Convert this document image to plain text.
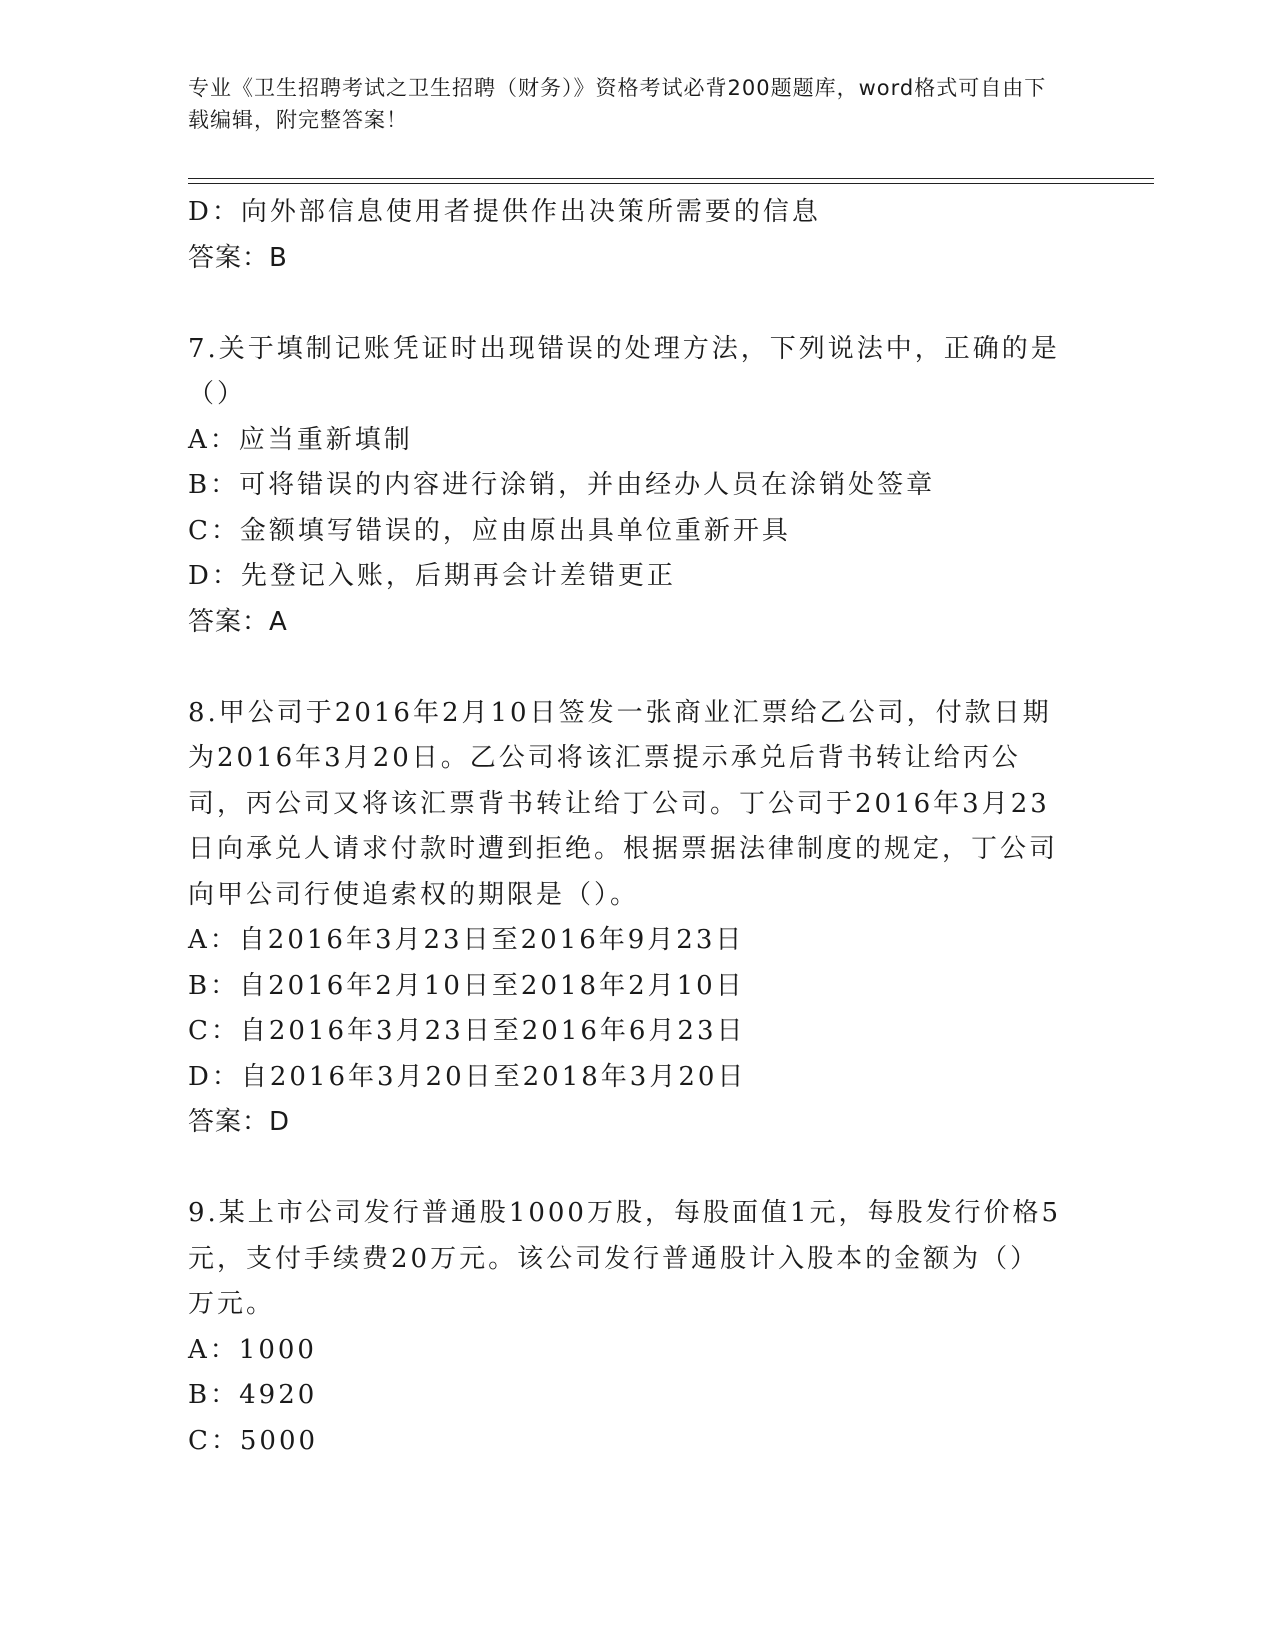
专业《卫生招聘考试之卫生招聘（财务）》资格考试必背200题题库，word格式可自由下载编辑，附完整答案！
D：向外部信息使用者提供作出决策所需要的信息
答案：B
7.关于填制记账凭证时出现错误的处理方法，下列说法中，正确的是（）
A：应当重新填制
B：可将错误的内容进行涂销，并由经办人员在涂销处签章
C：金额填写错误的，应由原出具单位重新开具
D：先登记入账，后期再会计差错更正
答案：A
8.甲公司于2016年2月10日签发一张商业汇票给乙公司，付款日期为2016年3月20日。乙公司将该汇票提示承兑后背书转让给丙公司，丙公司又将该汇票背书转让给丁公司。丁公司于2016年3月23日向承兑人请求付款时遭到拒绝。根据票据法律制度的规定，丁公司向甲公司行使追索权的期限是（）。
A：自2016年3月23日至2016年9月23日
B：自2016年2月10日至2018年2月10日
C：自2016年3月23日至2016年6月23日
D：自2016年3月20日至2018年3月20日
答案：D
9.某上市公司发行普通股1000万股，每股面值1元，每股发行价格5元，支付手续费20万元。该公司发行普通股计入股本的金额为（）万元。
A：1000
B：4920
C：5000
